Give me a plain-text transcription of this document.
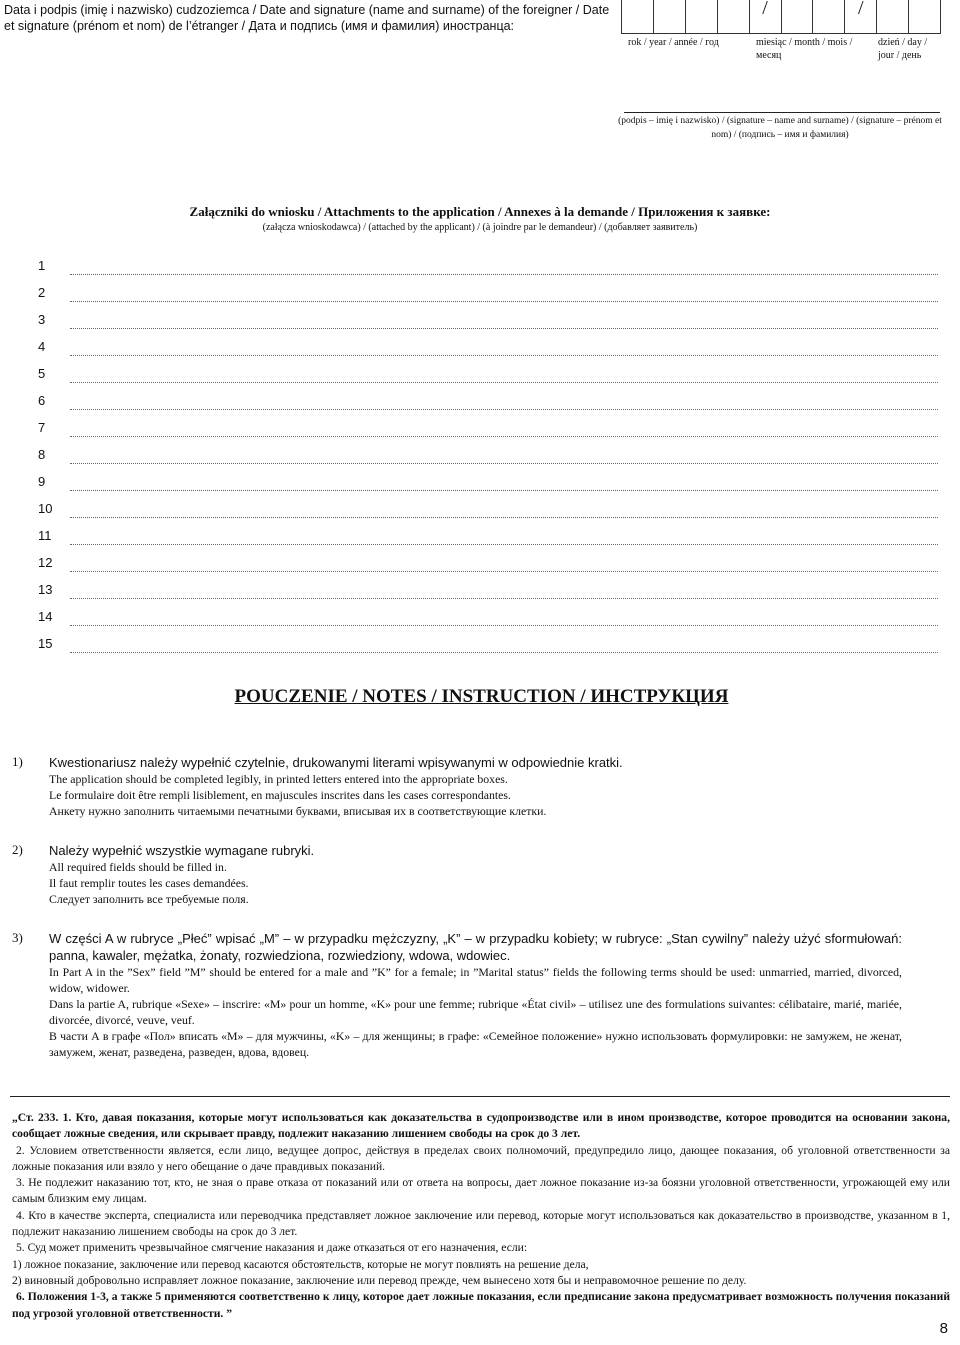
Data i podpis (imię i nazwisko) cudzoziemca / Date and signature (name and surname) of the foreigner / Date et signature (prénom et nom) de l’étranger / Дата и подпись (имя и фамилия) иностранца:
/	/
rok / year / année / год	miesiąc / month / mois / месяц
dzień / day / jour / день
(podpis – imię i nazwisko) / (signature – name and surname) / (signature – prénom et nom) / (подпись – имя и фамилия)
Załączniki do wniosku / Attachments to the application / Annexes à la demande / Приложения к заявке:
(załącza wnioskodawca) / (attached by the applicant) / (à joindre par le demandeur) / (добавляет заявитель)
1
2
3
4
5
6
7
8
9
10
11
12
13
14
15
POUCZENIE / NOTES / INSTRUCTION / ИНСТРУКЦИЯ
1)	Kwestionariusz należy wypełnić czytelnie, drukowanymi literami wpisywanymi w odpowiednie kratki.
The application should be completed legibly, in printed letters entered into the appropriate boxes.
Le formulaire doit être rempli lisiblement, en majuscules inscrites dans les cases correspondantes.
Анкету нужно заполнить читаемыми печатными буквами, вписывая их в соответствующие клетки.
2)	Należy wypełnić wszystkie wymagane rubryki.
All required fields should be filled in.
Il faut remplir toutes les cases demandées.
Следует заполнить все требуемые поля.
3)	W części A w rubryce „Płeć” wpisać „M” – w przypadku mężczyzny, „K” – w przypadku kobiety; w rubryce: „Stan cywilny” należy użyć sformułowań: panna, kawaler, mężatka, żonaty, rozwiedziona, rozwiedziony, wdowa, wdowiec.
In Part A in the ”Sex” field ”M” should be entered for a male and ”K” for a female; in ”Marital status” fields the following terms should be used: unmarried, married, divorced, widow, widower.
Dans la partie A, rubrique «Sexe» – inscrire: «M» pour un homme, «K» pour une femme; rubrique «État civil» – utilisez une des formulations suivantes: célibataire, marié, mariée, divorcée, divorcé, veuve, veuf.
В части А в графе «Пол» вписать «M» – для мужчины, «K» – для женщины; в графе: «Семейное положение» нужно использовать формулировки: не замужем, не женат, замужем, женат, разведена, разведен, вдова, вдовец.

„Ст. 233. 1. Кто, давая показания, которые могут использоваться как доказательства в судопроизводстве или в ином производстве, которое проводится на основании закона, сообщает ложные сведения, или скрывает правду, подлежит наказанию лишением свободы на срок до 3 лет.

2. Условием ответственности является, если лицо, ведущее допрос, действуя в пределах своих полномочий, предупредило лицо, дающее показания, об уголовной ответственности за ложные показания или взяло у него обещание о даче правдивых показаний.

3. Не подлежит наказанию тот, кто, не зная о праве отказа от показаний или от ответа на вопросы, дает ложное показание из-за боязни уголовной ответственности, угрожающей ему или самым близким ему лицам.

4. Кто в качестве эксперта, специалиста или переводчика представляет ложное заключение или перевод, которые могут использоваться как доказательство в производстве, указанном в 1, подлежит наказанию лишением свободы на срок до 3 лет.

5. Суд может применить чрезвычайное смягчение наказания и даже отказаться от его назначения, если:

1) ложное показание, заключение или перевод касаются обстоятельств, которые не могут повлиять на решение дела,

2) виновный добровольно исправляет ложное показание, заключение или перевод прежде, чем вынесено хотя бы и неправомочное решение по делу.

6. Положения 1-3, а также 5 применяются соответственно к лицу, которое дает ложные показания, если предписание закона предусматривает возможность получения показаний под угрозой уголовной ответственности. ”

8
